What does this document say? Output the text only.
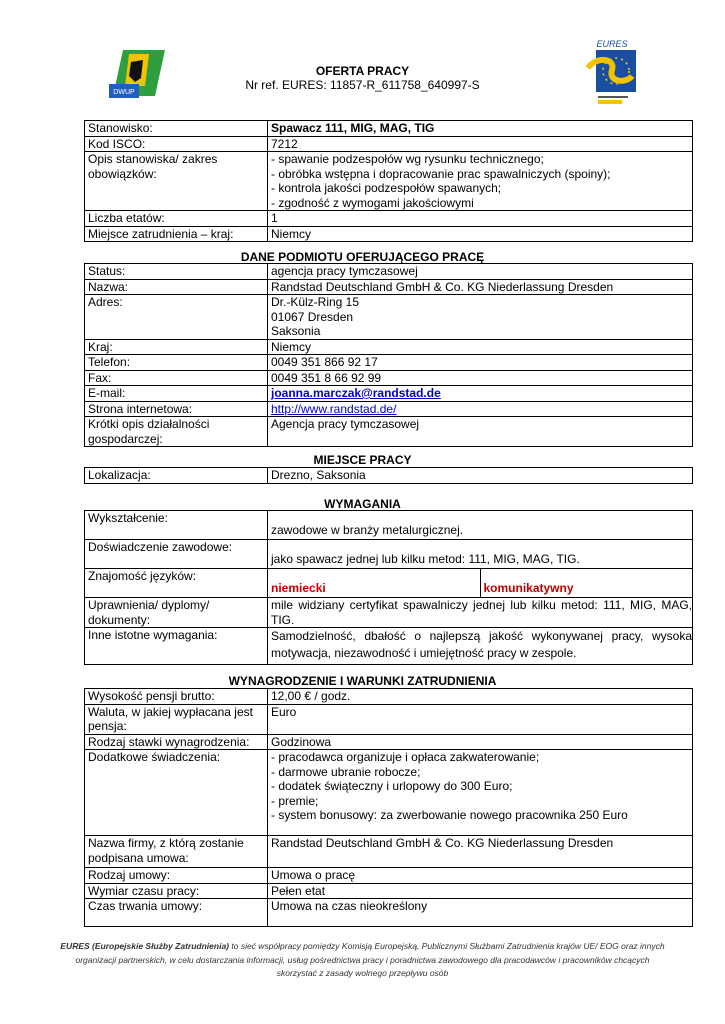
DWUP
EURES
OFERTA PRACY
Nr ref. EURES: 11857-R_611758_640997-S
Stanowisko:	Spawacz 111, MIG, MAG, TIG
Kod ISCO:	7212
Opis stanowiska/ zakres obowiązków:	- spawanie podzespołów wg rysunku technicznego;
- obróbka wstępna i dopracowanie prac spawalniczych (spoiny);
- kontrola jakości podzespołów spawanych;
- zgodność z wymogami jakościowymi

Liczba etatów:	1
Miejsce zatrudnienia – kraj:	Niemcy
DANE PODMIOTU OFERUJĄCEGO PRACĘ
Status:	agencja pracy tymczasowej
Nazwa:	Randstad Deutschland GmbH & Co. KG Niederlassung Dresden
Adres:	Dr.-Külz-Ring 15
01067 Dresden
Saksonia

Kraj:	Niemcy
Telefon:	0049 351 866 92 17
Fax:	0049 351 8 66 92 99
E-mail:	joanna.marczak@randstad.de
Strona internetowa:	http://www.randstad.de/
Krótki opis działalności gospodarczej:	Agencja pracy tymczasowej
MIEJSCE PRACY
Lokalizacja:	Drezno, Saksonia
WYMAGANIA
Wykształcenie:	zawodowe w branży metalurgicznej.	
Doświadczenie zawodowe:	jako spawacz jednej lub kilku metod: 111, MIG, MAG, TIG.	
Znajomość języków:	niemiecki	komunikatywny
Uprawnienia/ dyplomy/ dokumenty:	mile widziany certyfikat spawalniczy jednej lub kilku metod: 111, MIG, MAG, TIG.	
Inne istotne wymagania:	Samodzielność, dbałość o najlepszą jakość wykonywanej pracy, wysoka motywacja, niezawodność i umiejętność pracy w zespole.	
WYNAGRODZENIE I WARUNKI ZATRUDNIENIA
Wysokość pensji brutto:	12,00 € / godz.
Waluta, w jakiej wypłacana jest pensja:	Euro
Rodzaj stawki wynagrodzenia:	Godzinowa
Dodatkowe świadczenia:	- pracodawca organizuje i opłaca zakwaterowanie;
- darmowe ubranie robocze;
- dodatek świąteczny i urlopowy do 300 Euro;
- premie;
- system bonusowy: za zwerbowanie nowego pracownika 250 Euro

Nazwa firmy, z którą zostanie podpisana umowa:	Randstad Deutschland GmbH & Co. KG Niederlassung Dresden
Rodzaj umowy:	Umowa o pracę
Wymiar czasu pracy:	Pełen etat
Czas trwania umowy:	Umowa na czas nieokreślony
EURES (Europejskie Służby Zatrudnienia) to sieć współpracy pomiędzy Komisją Europejską, Publicznymi Służbami Zatrudnienia krajów UE/ EOG oraz innych organizacji partnerskich, w celu dostarczania informacji, usług pośrednictwa pracy i poradnictwa zawodowego dla pracodawców i pracowników chcących skorzystać z zasady wolnego przepływu osób
